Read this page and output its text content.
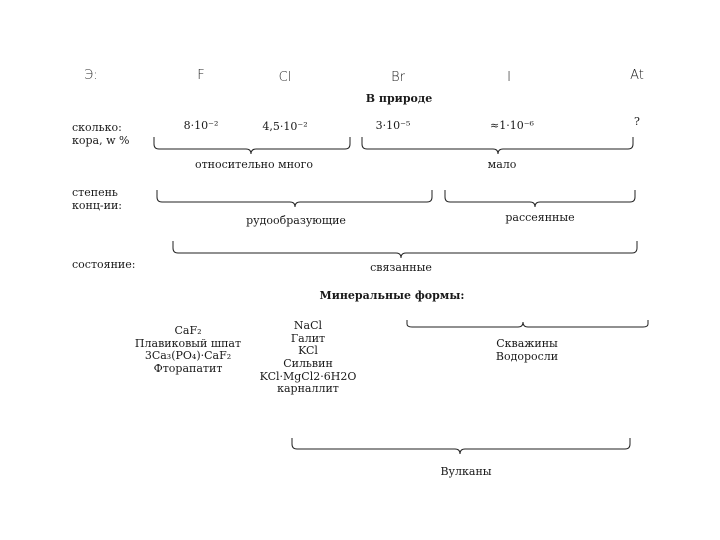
Э:	F	Cl	Br	I	At
В природе
сколько:
кора, w %
8·10⁻²	4,5·10⁻²	3·10⁻⁵	≈1·10⁻⁶	?
относительно много	мало
степень
конц-ии:
рудообразующие	рассеянные
состояние:	связанные
Минеральные формы:
CaF₂
Плавиковый шпат
3Ca₃(PO₄)·CaF₂
Фторапатит
NaCl
Галит
KCl
Сильвин
KCl·MgCl2·6H2O
карналлит
Скважины
Водоросли
Вулканы
